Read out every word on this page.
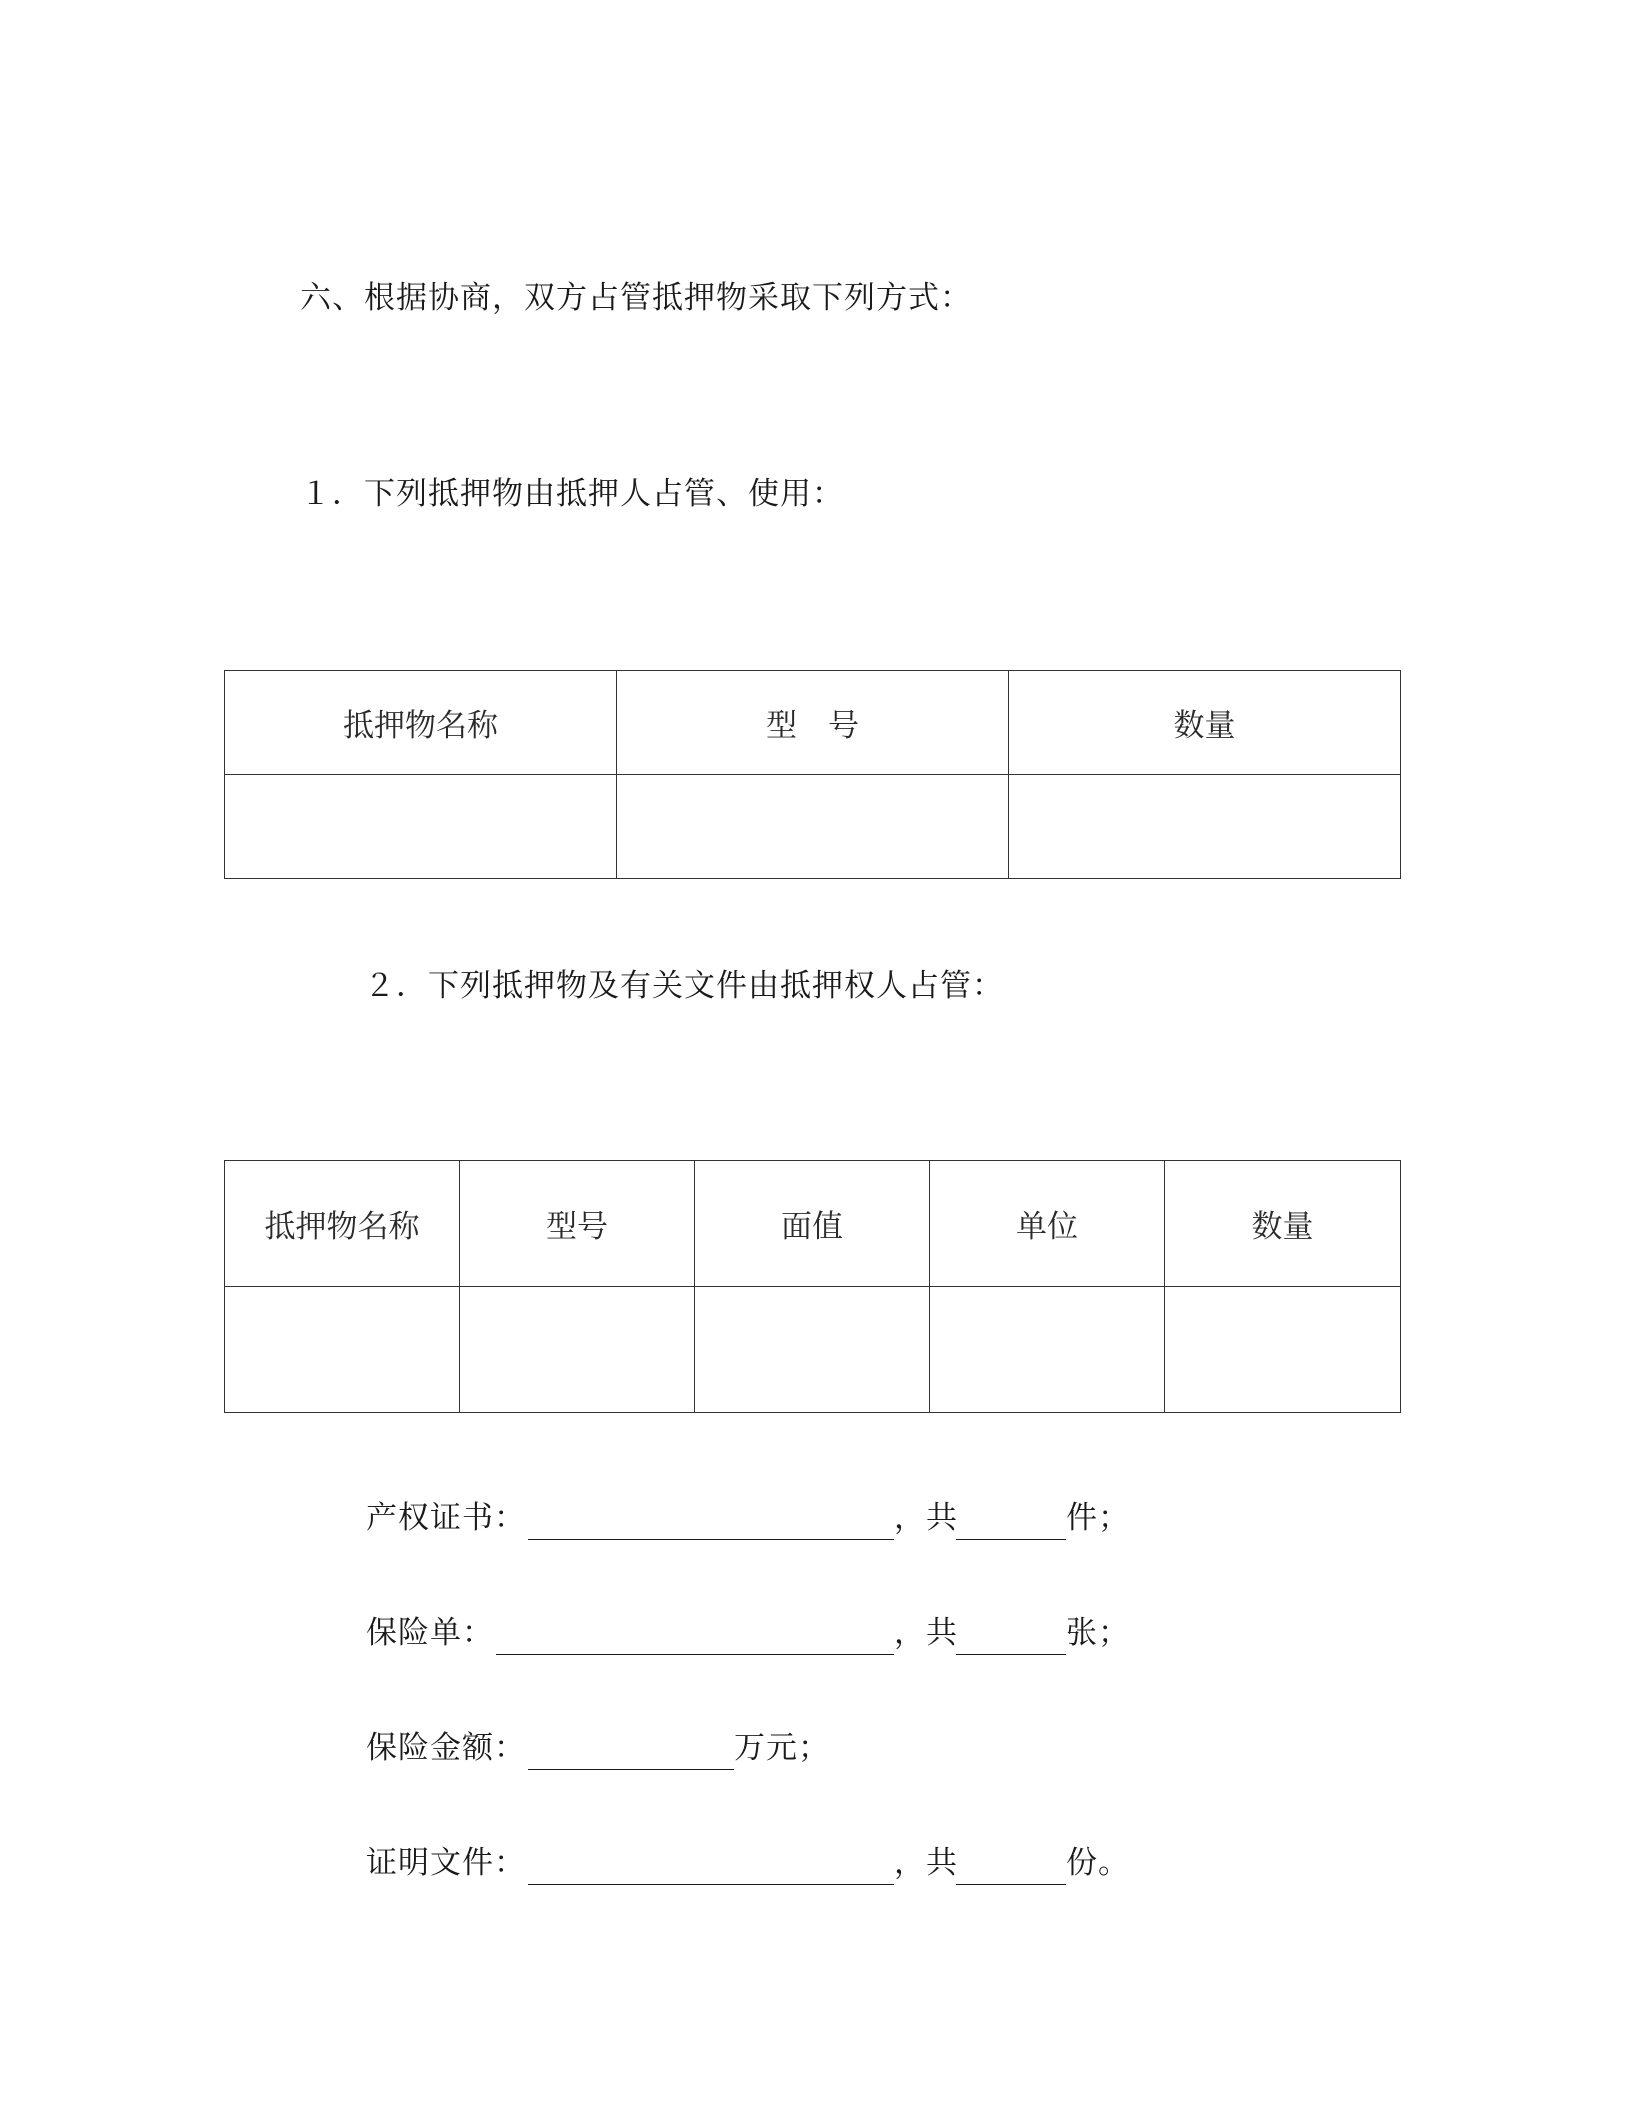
六、根据协商，双方占管抵押物采取下列方式：
１．下列抵押物由抵押人占管、使用：
抵押物名称	型　号	数量

２．下列抵押物及有关文件由抵押权人占管：
抵押物名称	型号	面值	单位	数量

产权证书：	，共	件；
保险单：	，共	张；
保险金额：	万元；
证明文件：	，共	份。
